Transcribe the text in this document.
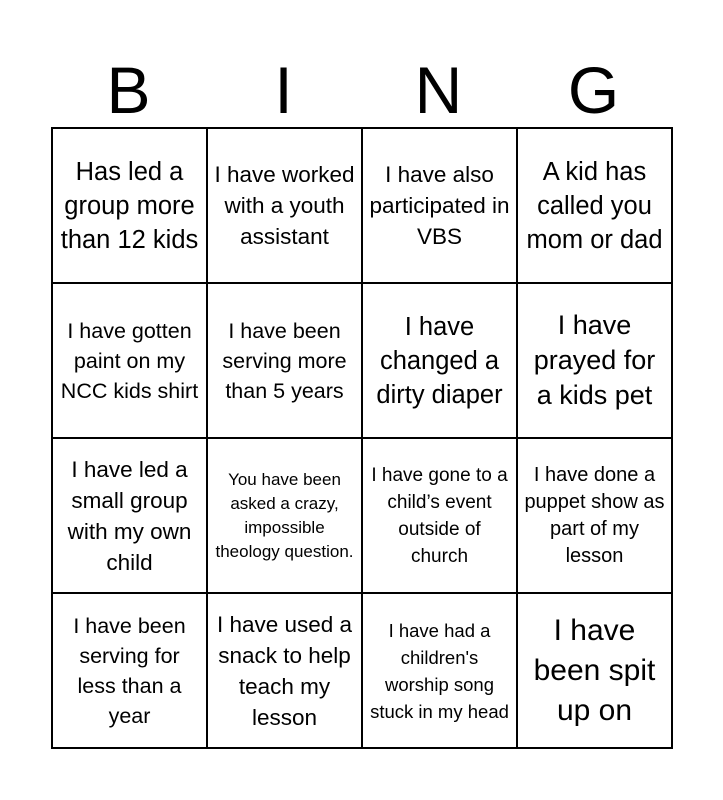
B	I	N	G
Has led a group more than 12 kids	I have worked with a youth assistant	I have also participated in VBS	A kid has called you mom or dad

I have gotten paint on my NCC kids shirt	I have been serving more than 5 years	I have changed a dirty diaper	I have prayed for a kids pet

I have led a small group with my own child	You have been asked a crazy, impossible theology question.	I have gone to a child’s event outside of church	I have done a puppet show as part of my lesson

I have been serving for less than a year	I have used a snack to help teach my lesson	I have had a children's worship song stuck in my head	I have been spit up on
